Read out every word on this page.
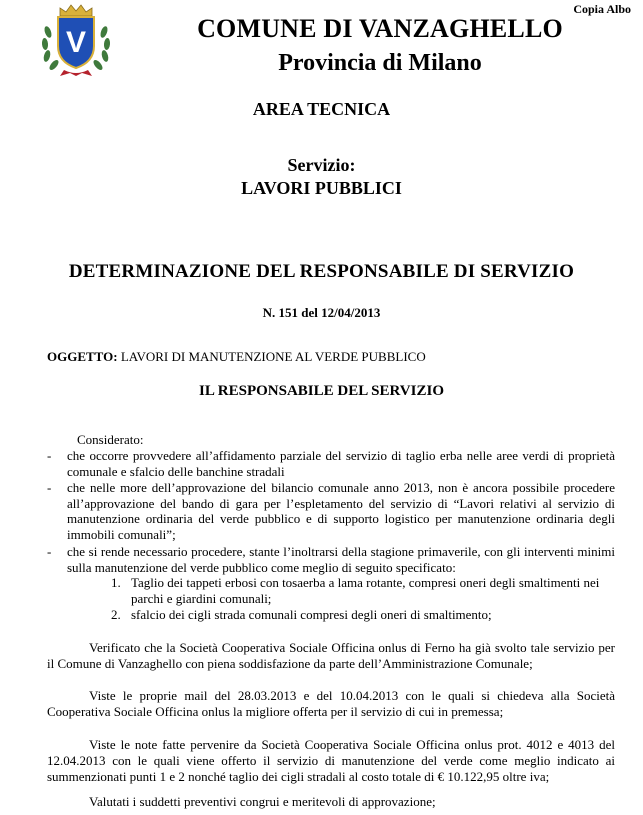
Copia Albo
V	COMUNE DI VANZAGHELLO
Provincia di Milano
AREA TECNICA
Servizio:
LAVORI PUBBLICI
DETERMINAZIONE DEL RESPONSABILE DI SERVIZIO
N. 151 del 12/04/2013
OGGETTO: LAVORI DI MANUTENZIONE AL VERDE PUBBLICO
IL RESPONSABILE DEL SERVIZIO
Considerato:
- che occorre provvedere all’affidamento parziale del servizio di taglio erba nelle aree verdi di proprietà comunale e sfalcio delle banchine stradali
- che nelle more dell’approvazione del bilancio comunale anno 2013, non è ancora possibile procedere all’approvazione del bando di gara per l’espletamento del servizio di “Lavori relativi al servizio di manutenzione ordinaria del verde pubblico e di supporto logistico per manutenzione ordinaria degli immobili comunali”;
- che si rende necessario procedere, stante l’inoltrarsi della stagione primaverile, con gli interventi minimi sulla manutenzione del verde pubblico come meglio di seguito specificato:
1. Taglio dei tappeti erbosi con tosaerba a lama rotante, compresi oneri degli smaltimenti nei parchi e giardini comunali;
2. sfalcio dei cigli strada comunali compresi degli oneri di smaltimento;
Verificato che la Società Cooperativa Sociale Officina onlus di Ferno ha già svolto tale servizio per il Comune di Vanzaghello con piena soddisfazione da parte dell’Amministrazione Comunale;
Viste le proprie mail del 28.03.2013 e del 10.04.2013 con le quali si chiedeva alla Società Cooperativa Sociale Officina onlus la migliore offerta per il servizio di cui in premessa;
Viste le note fatte pervenire da Società Cooperativa Sociale Officina onlus prot. 4012 e 4013 del 12.04.2013 con le quali viene offerto il servizio di manutenzione del verde come meglio indicato ai summenzionati punti 1 e 2 nonché taglio dei cigli stradali al costo totale di € 10.122,95 oltre iva;
Valutati i suddetti preventivi congrui e meritevoli di approvazione;
